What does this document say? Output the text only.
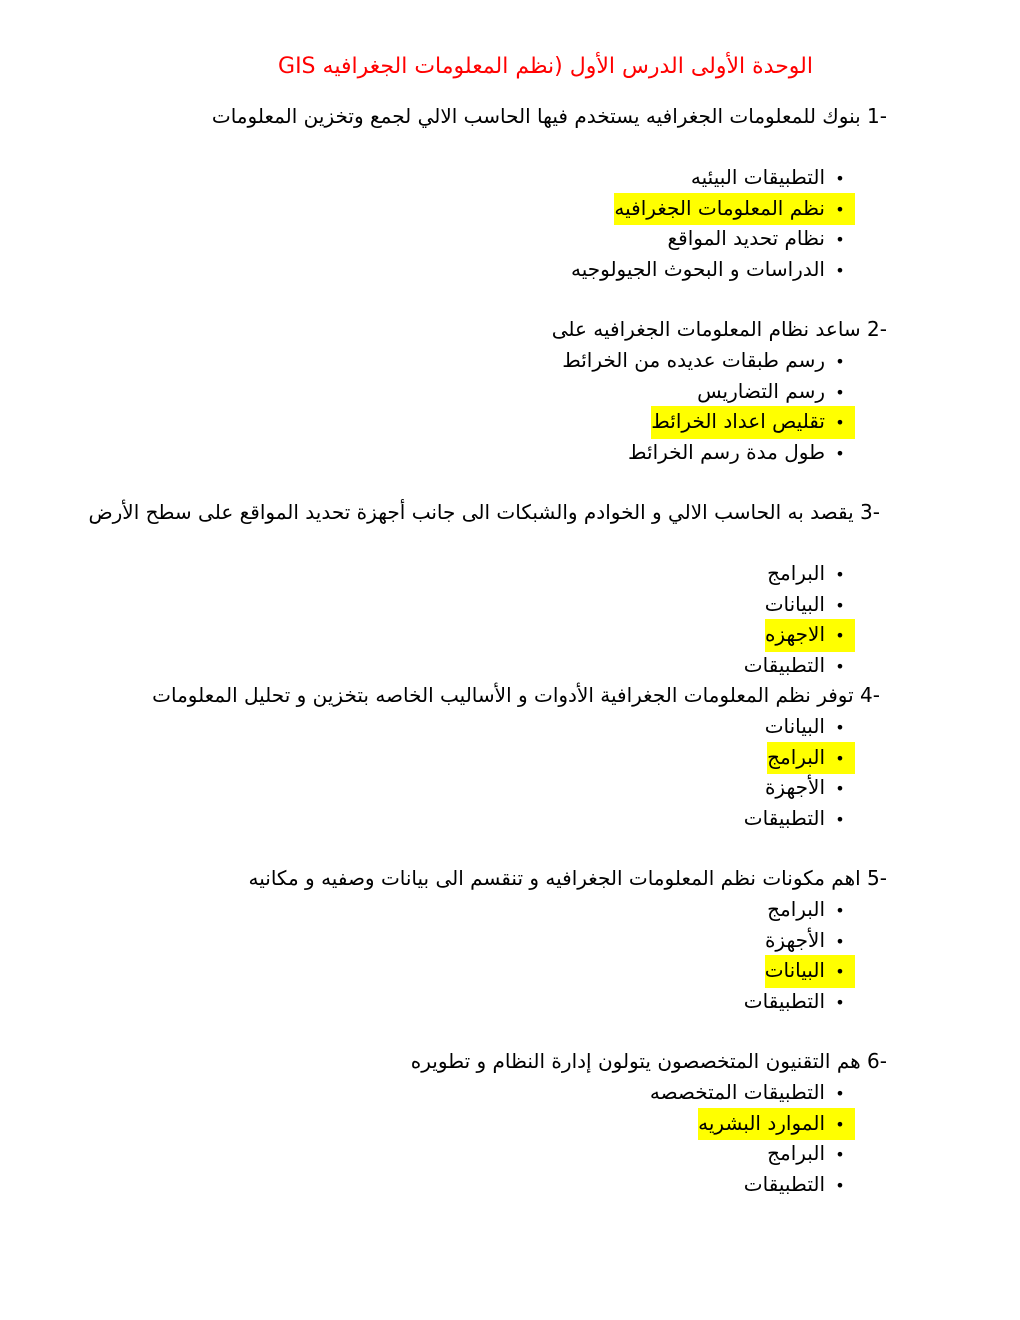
الوحدة الأولى الدرس الأول (نظم المعلومات الجغرافيه GIS
-1 بنوك للمعلومات الجغرافيه يستخدم فيها الحاسب الالي لجمع وتخزين المعلومات
•التطبيقات البيئيه
•نظم المعلومات الجغرافيه
•نظام تحديد المواقع
•الدراسات و البحوث الجيولوجيه
-2 ساعد نظام المعلومات الجغرافيه على
•رسم طبقات عديده من الخرائط
•رسم التضاريس
•تقليص اعداد الخرائط
•طول مدة رسم الخرائط
-3 يقصد به الحاسب الالي و الخوادم والشبكات الى جانب أجهزة تحديد المواقع على سطح الأرض
•البرامج
•البيانات
•الاجهزه
•التطبيقات
-4 توفر نظم المعلومات الجغرافية الأدوات و الأساليب الخاصه بتخزين و تحليل المعلومات
•البيانات
•البرامج
•الأجهزة
•التطبيقات
-5 اهم مكونات نظم المعلومات الجغرافيه و تنقسم الى بيانات وصفيه و مكانيه
•البرامج
•الأجهزة
•البيانات
•التطبيقات
-6 هم التقنيون المتخصصون يتولون إدارة النظام و تطويره
•التطبيقات المتخصصه
•الموارد البشريه
•البرامج
•التطبيقات
